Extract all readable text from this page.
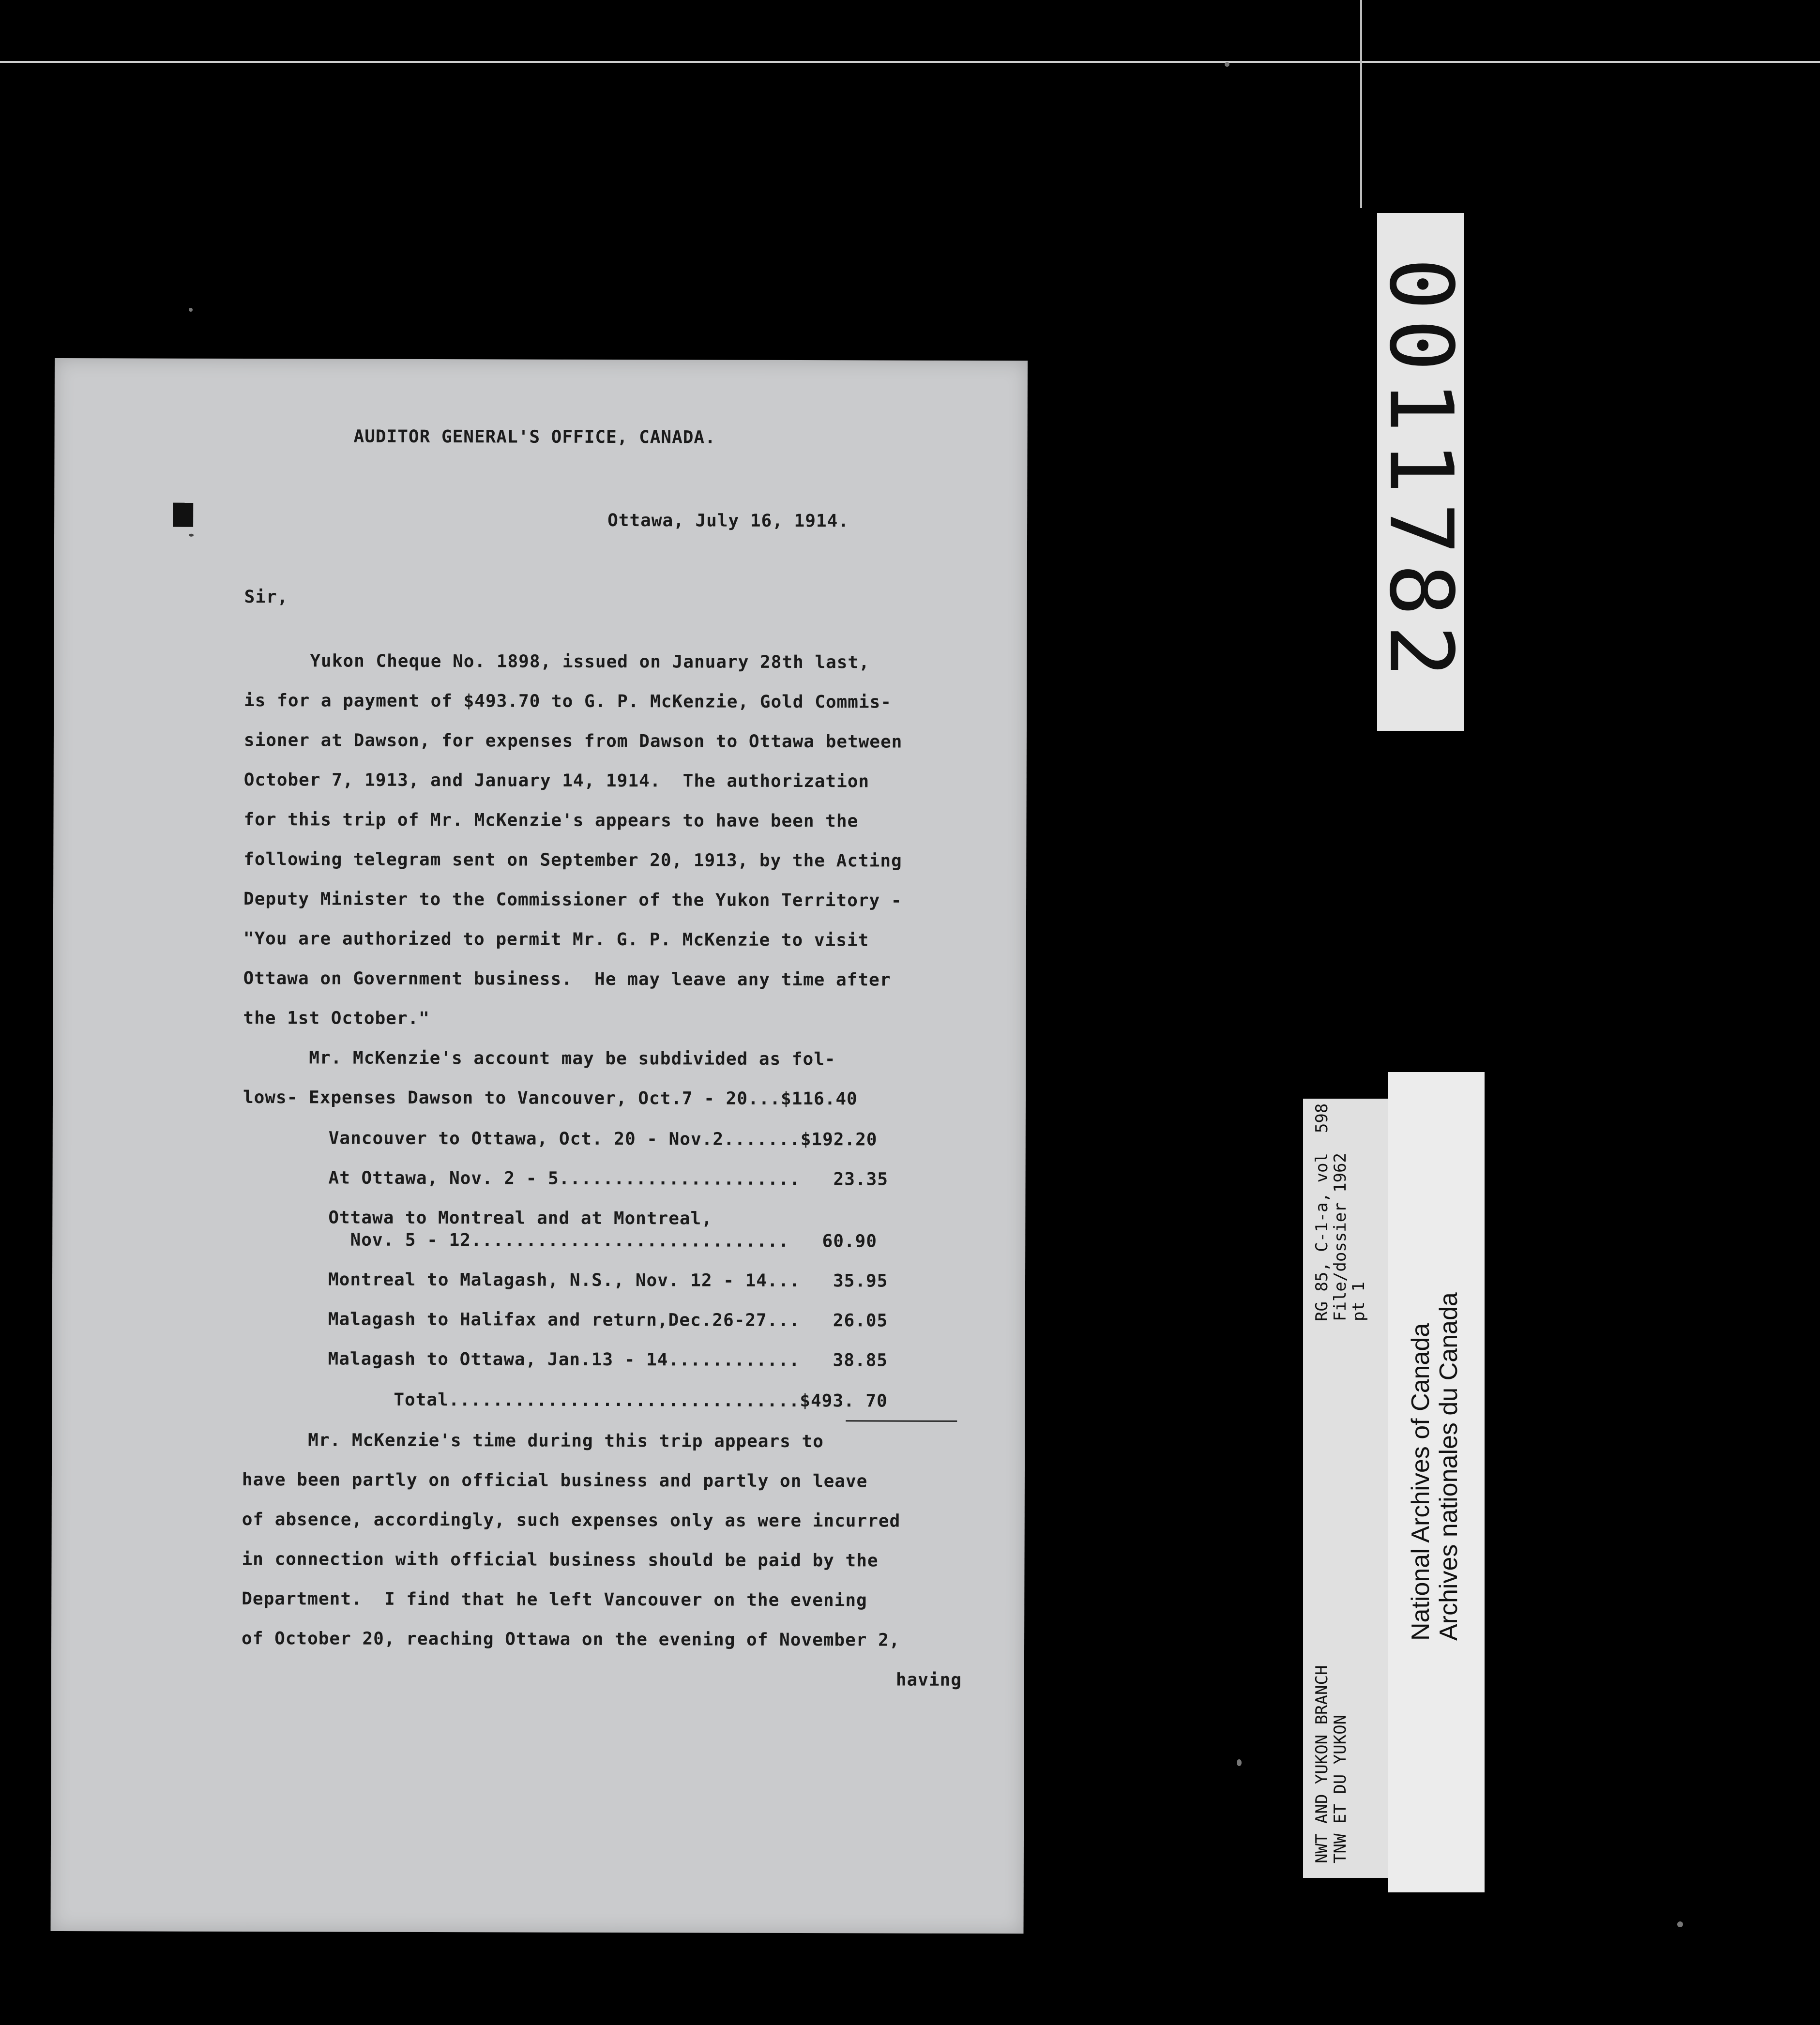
AUDITOR GENERAL'S OFFICE, CANADA.

Ottawa, July 16, 1914.

Sir,

Yukon Cheque No. 1898, issued on January 28th last,

is for a payment of $493.70 to G. P. McKenzie, Gold Commis-

sioner at Dawson, for expenses from Dawson to Ottawa between

October 7, 1913, and January 14, 1914.  The authorization

for this trip of Mr. McKenzie's appears to have been the

following telegram sent on September 20, 1913, by the Acting

Deputy Minister to the Commissioner of the Yukon Territory -

"You are authorized to permit Mr. G. P. McKenzie to visit

Ottawa on Government business.  He may leave any time after

the 1st October."

Mr. McKenzie's account may be subdivided as fol-

lows- Expenses Dawson to Vancouver, Oct.7 - 20...$116.40

Vancouver to Ottawa, Oct. 20 - Nov.2.......$192.20

At Ottawa, Nov. 2 - 5......................   23.35

Ottawa to Montreal and at Montreal,

Nov. 5 - 12.............................   60.90

Montreal to Malagash, N.S., Nov. 12 - 14...   35.95

Malagash to Halifax and return,Dec.26-27...   26.05

Malagash to Ottawa, Jan.13 - 14............   38.85

Total................................$493. 70

Mr. McKenzie's time during this trip appears to

have been partly on official business and partly on leave

of absence, accordingly, such expenses only as were incurred

in connection with official business should be paid by the

Department.  I find that he left Vancouver on the evening

of October 20, reaching Ottawa on the evening of November 2,

having

0011782
NWT AND YUKON BRANCH
TNW ET DU YUKON
RG 85, C-1-a, vol  598
File/dossier 1962
pt 1
National Archives of Canada Archives nationales du Canada
